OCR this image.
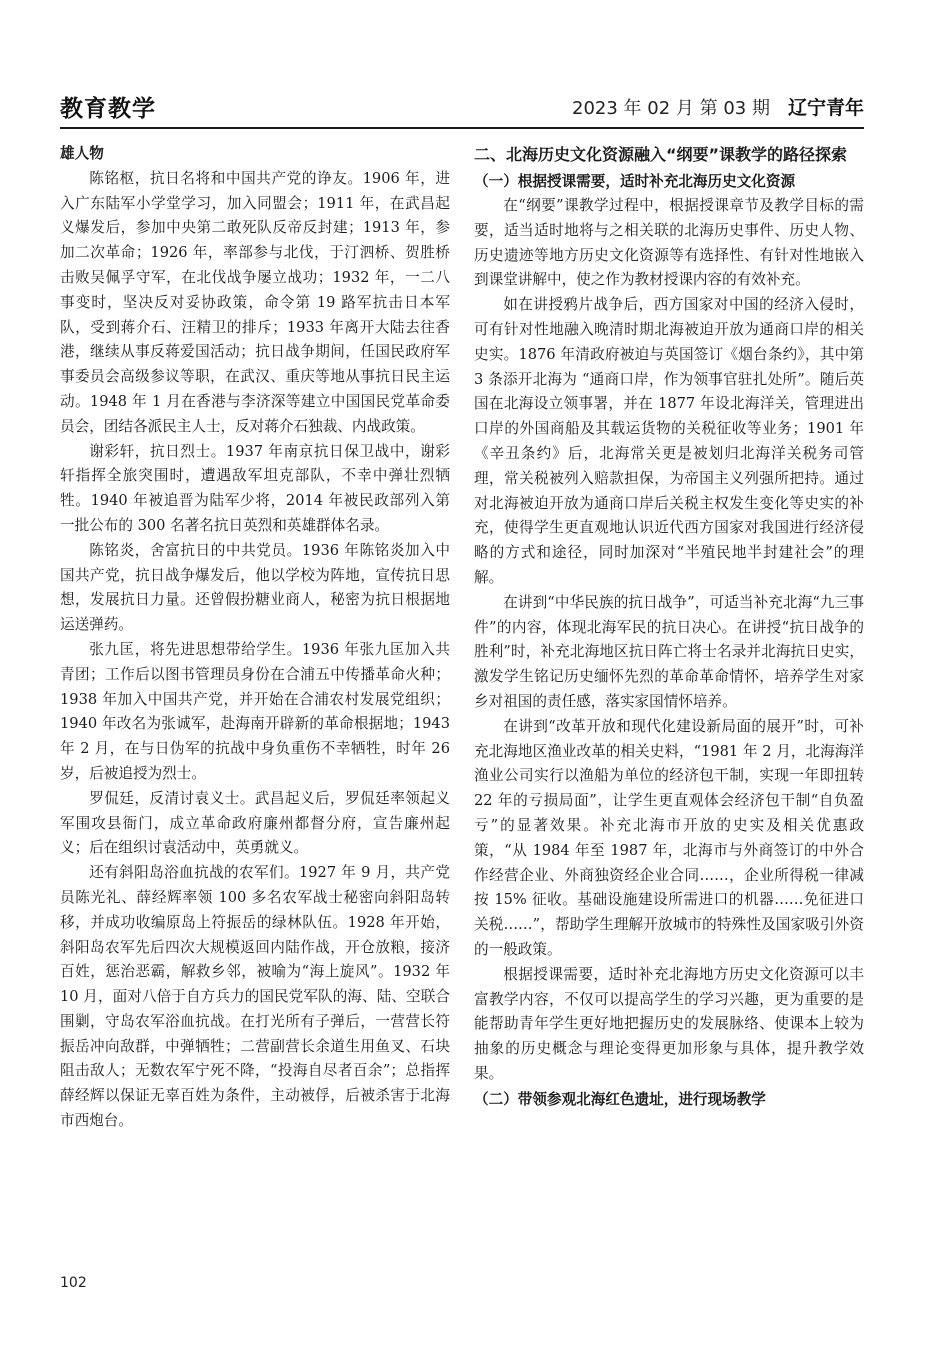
教育教学	2023 年 02 月 第 03 期 辽宁青年
雄人物

陈铭枢，抗日名将和中国共产党的诤友。1906 年，进入广东陆军小学堂学习，加入同盟会；1911 年，在武昌起义爆发后，参加中央第二敢死队反帝反封建；1913 年，参加二次革命；1926 年，率部参与北伐，于汀泗桥、贺胜桥击败吴佩孚守军，在北伐战争屡立战功；1932 年，一二八事变时，坚决反对妥协政策，命令第 19 路军抗击日本军队，受到蒋介石、汪精卫的排斥；1933 年离开大陆去往香港，继续从事反蒋爱国活动；抗日战争期间，任国民政府军事委员会高级参议等职，在武汉、重庆等地从事抗日民主运动。1948 年 1 月在香港与李济深等建立中国国民党革命委员会，团结各派民主人士，反对蒋介石独裁、内战政策。

谢彩轩，抗日烈士。1937 年南京抗日保卫战中，谢彩轩指挥全旅突围时，遭遇敌军坦克部队，不幸中弹壮烈牺牲。1940 年被追晋为陆军少将，2014 年被民政部列入第一批公布的 300 名著名抗日英烈和英雄群体名录。

陈铭炎，舍富抗日的中共党员。1936 年陈铭炎加入中国共产党，抗日战争爆发后，他以学校为阵地，宣传抗日思想，发展抗日力量。还曾假扮糖业商人，秘密为抗日根据地运送弹药。

张九匡，将先进思想带给学生。1936 年张九匡加入共青团；工作后以图书管理员身份在合浦五中传播革命火种；1938 年加入中国共产党，并开始在合浦农村发展党组织；1940 年改名为张诚军，赴海南开辟新的革命根据地；1943 年 2 月，在与日伪军的抗战中身负重伤不幸牺牲，时年 26 岁，后被追授为烈士。

罗侃廷，反清讨袁义士。武昌起义后，罗侃廷率领起义军围攻县衙门，成立革命政府廉州都督分府，宣告廉州起义；后在组织讨袁活动中，英勇就义。

还有斜阳岛浴血抗战的农军们。1927 年 9 月，共产党员陈光礼、薛经辉率领 100 多名农军战士秘密向斜阳岛转移，并成功收编原岛上符振岳的绿林队伍。1928 年开始，斜阳岛农军先后四次大规模返回内陆作战，开仓放粮，接济百姓，惩治恶霸，解救乡邻，被喻为“海上旋风”。1932 年 10 月，面对八倍于自方兵力的国民党军队的海、陆、空联合围剿，守岛农军浴血抗战。在打光所有子弹后，一营营长符振岳冲向敌群，中弹牺牲；二营副营长余道生用鱼叉、石块阻击敌人；无数农军宁死不降，“投海自尽者百余”；总指挥薛经辉以保证无辜百姓为条件，主动被俘，后被杀害于北海市西炮台。

二、北海历史文化资源融入“纲要”课教学的路径探索
（一）根据授课需要，适时补充北海历史文化资源

在“纲要”课教学过程中，根据授课章节及教学目标的需要，适当适时地将与之相关联的北海历史事件、历史人物、历史遗迹等地方历史文化资源等有选择性、有针对性地嵌入到课堂讲解中，使之作为教材授课内容的有效补充。

如在讲授鸦片战争后，西方国家对中国的经济入侵时，可有针对性地融入晚清时期北海被迫开放为通商口岸的相关史实。1876 年清政府被迫与英国签订《烟台条约》，其中第 3 条添开北海为 “通商口岸，作为领事官驻扎处所”。随后英国在北海设立领事署，并在 1877 年设北海洋关，管理进出口岸的外国商船及其载运货物的关税征收等业务；1901 年《辛丑条约》后，北海常关更是被划归北海洋关税务司管理，常关税被列入赔款担保，为帝国主义列强所把持。通过对北海被迫开放为通商口岸后关税主权发生变化等史实的补充，使得学生更直观地认识近代西方国家对我国进行经济侵略的方式和途径，同时加深对“半殖民地半封建社会”的理解。

在讲到“中华民族的抗日战争”，可适当补充北海“九三事件”的内容，体现北海军民的抗日决心。在讲授“抗日战争的胜利”时，补充北海地区抗日阵亡将士名录并北海抗日史实，激发学生铭记历史缅怀先烈的革命革命情怀，培养学生对家乡对祖国的责任感，落实家国情怀培养。

在讲到“改革开放和现代化建设新局面的展开”时，可补充北海地区渔业改革的相关史料，“1981 年 2 月，北海海洋渔业公司实行以渔船为单位的经济包干制，实现一年即扭转 22 年的亏损局面”，让学生更直观体会经济包干制“自负盈亏”的显著效果。补充北海市开放的史实及相关优惠政策，“从 1984 年至 1987 年，北海市与外商签订的中外合作经营企业、外商独资经企业合同……，企业所得税一律减按 15% 征收。基础设施建设所需进口的机器……免征进口关税……”，帮助学生理解开放城市的特殊性及国家吸引外资的一般政策。

根据授课需要，适时补充北海地方历史文化资源可以丰富教学内容，不仅可以提高学生的学习兴趣，更为重要的是能帮助青年学生更好地把握历史的发展脉络、使课本上较为抽象的历史概念与理论变得更加形象与具体，提升教学效果。

（二）带领参观北海红色遗址，进行现场教学
102
